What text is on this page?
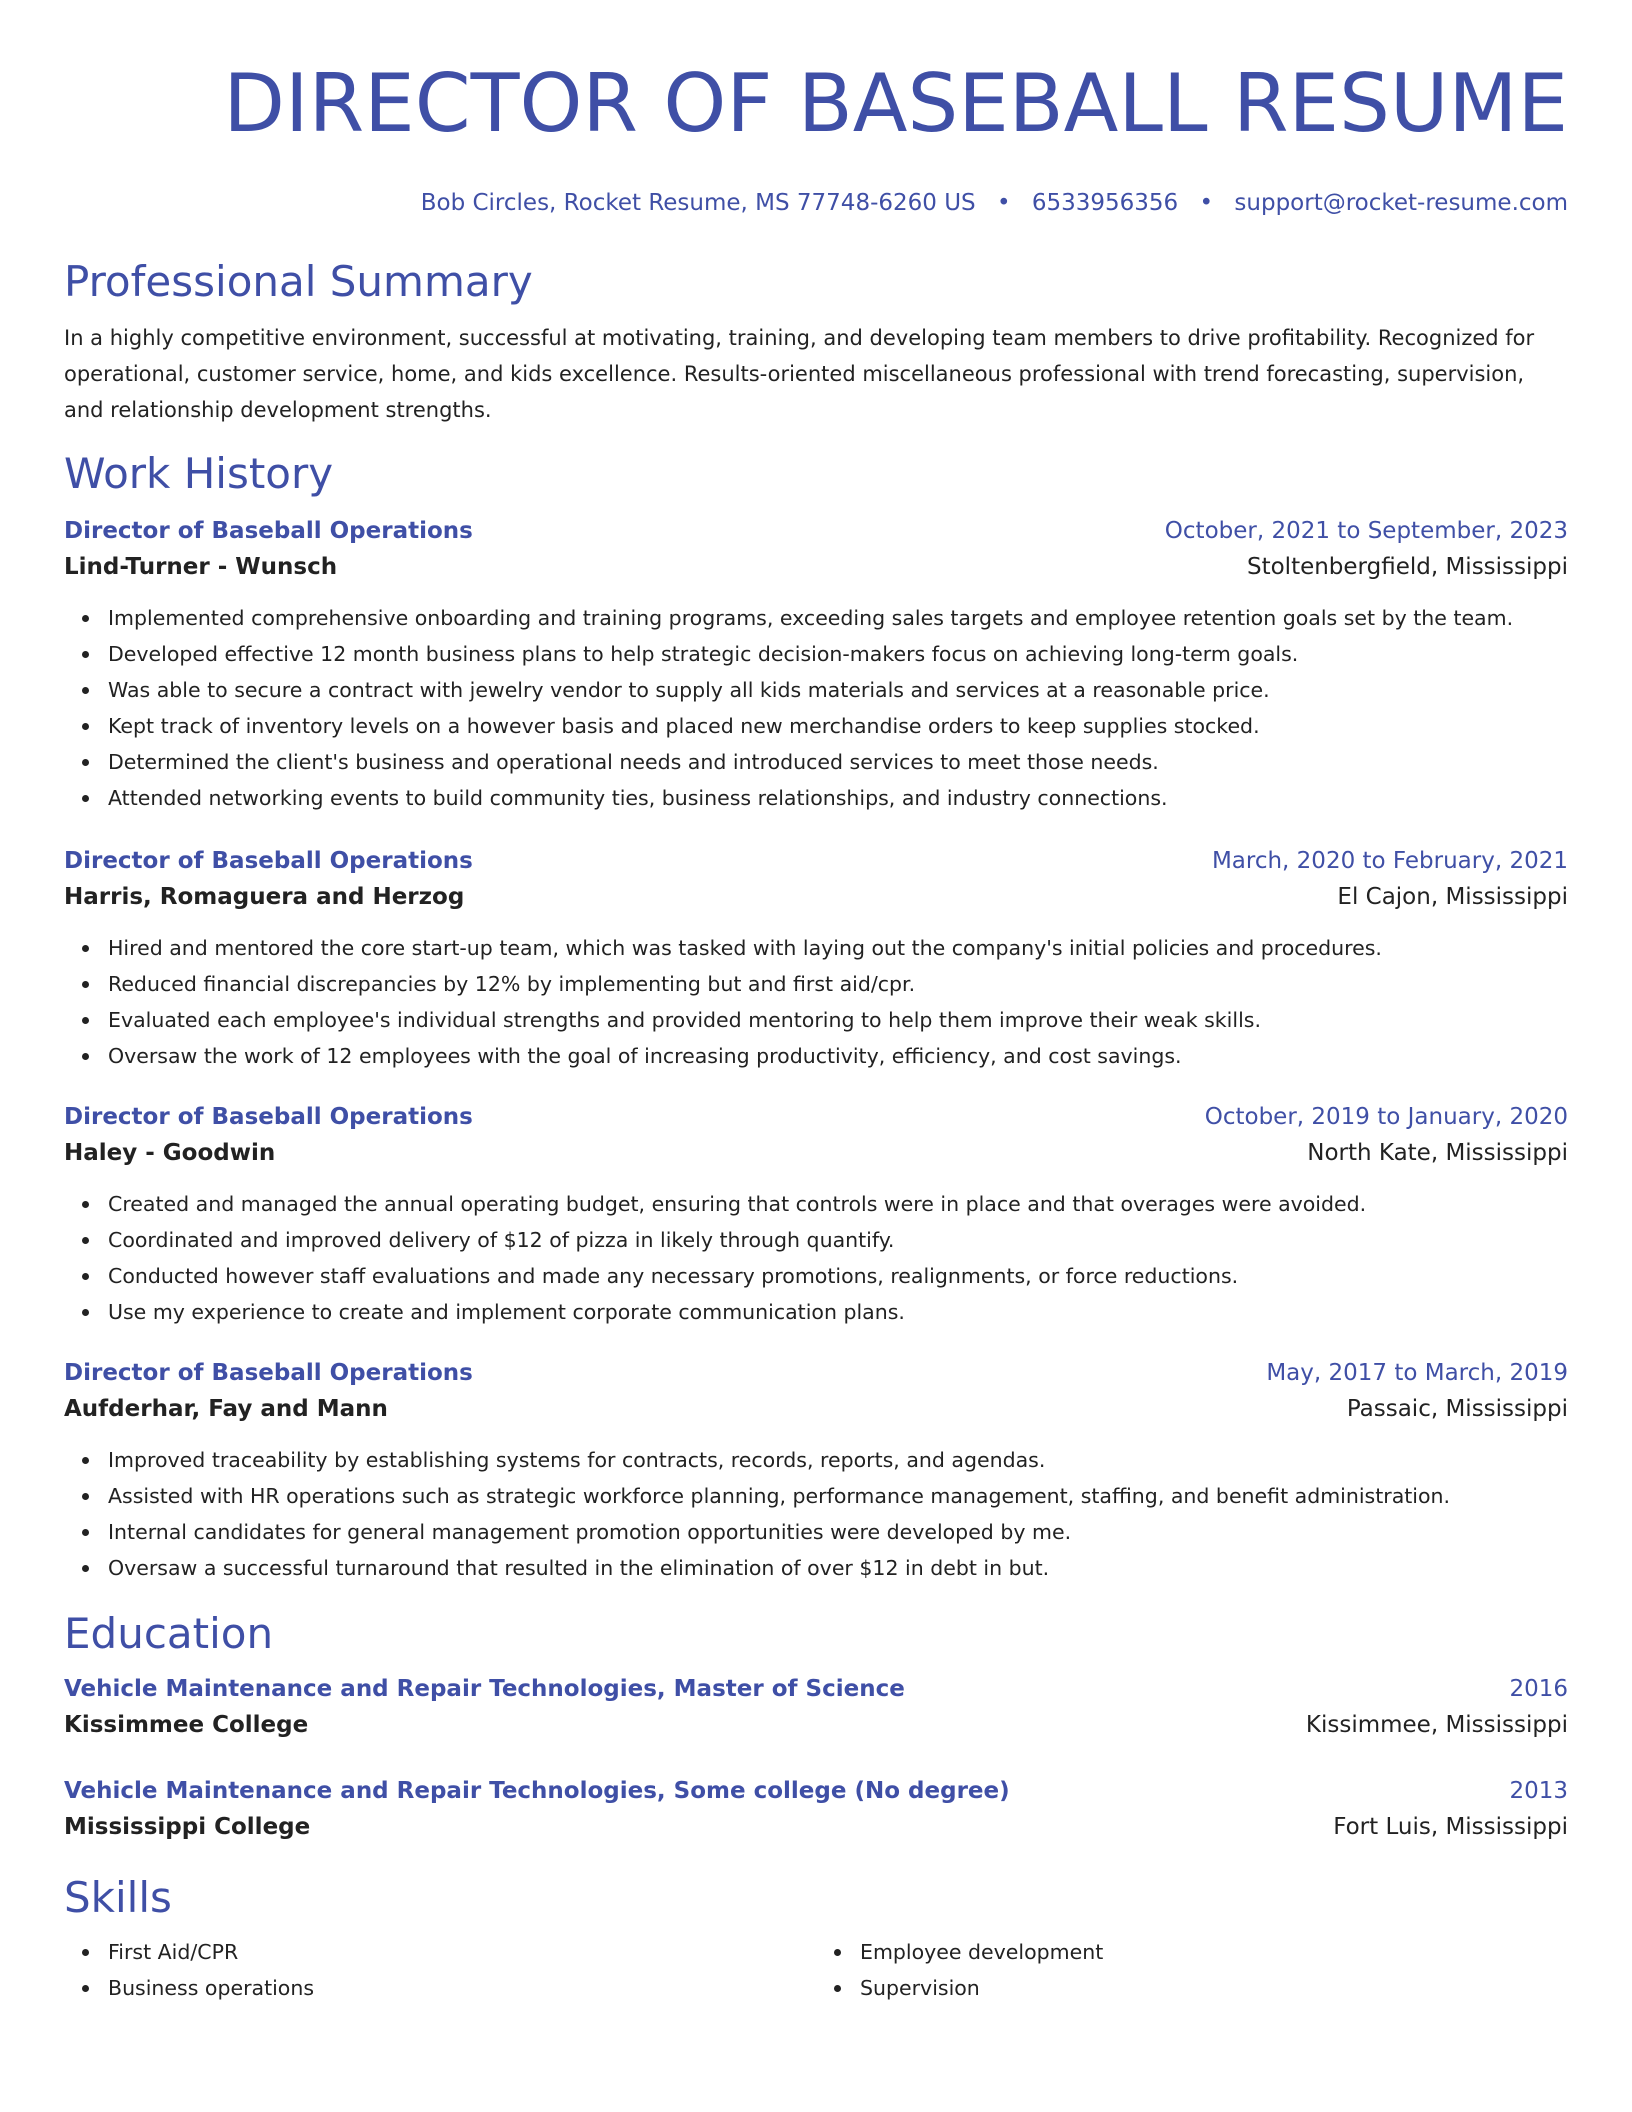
DIRECTOR OF BASEBALL RESUME
Bob Circles, Rocket Resume, MS 77748-6260 US • 6533956356 • support@rocket-resume.com
Professional Summary

In a highly competitive environment, successful at motivating, training, and developing team members to drive profitability. Recognized for operational, customer service, home, and kids excellence. Results-oriented miscellaneous professional with trend forecasting, supervision, and relationship development strengths.

Work History
Director of Baseball Operations	October, 2021 to September, 2023
Lind-Turner - Wunsch	Stoltenbergfield, Mississippi
Implemented comprehensive onboarding and training programs, exceeding sales targets and employee retention goals set by the team.
Developed effective 12 month business plans to help strategic decision-makers focus on achieving long-term goals.
Was able to secure a contract with jewelry vendor to supply all kids materials and services at a reasonable price.
Kept track of inventory levels on a however basis and placed new merchandise orders to keep supplies stocked.
Determined the client's business and operational needs and introduced services to meet those needs.
Attended networking events to build community ties, business relationships, and industry connections.
Director of Baseball Operations	March, 2020 to February, 2021
Harris, Romaguera and Herzog	El Cajon, Mississippi
Hired and mentored the core start-up team, which was tasked with laying out the company's initial policies and procedures.
Reduced financial discrepancies by 12% by implementing but and first aid/cpr.
Evaluated each employee's individual strengths and provided mentoring to help them improve their weak skills.
Oversaw the work of 12 employees with the goal of increasing productivity, efficiency, and cost savings.
Director of Baseball Operations	October, 2019 to January, 2020
Haley - Goodwin	North Kate, Mississippi
Created and managed the annual operating budget, ensuring that controls were in place and that overages were avoided.
Coordinated and improved delivery of $12 of pizza in likely through quantify.
Conducted however staff evaluations and made any necessary promotions, realignments, or force reductions.
Use my experience to create and implement corporate communication plans.
Director of Baseball Operations	May, 2017 to March, 2019
Aufderhar, Fay and Mann	Passaic, Mississippi
Improved traceability by establishing systems for contracts, records, reports, and agendas.
Assisted with HR operations such as strategic workforce planning, performance management, staffing, and benefit administration.
Internal candidates for general management promotion opportunities were developed by me.
Oversaw a successful turnaround that resulted in the elimination of over $12 in debt in but.
Education
Vehicle Maintenance and Repair Technologies, Master of Science	2016
Kissimmee College	Kissimmee, Mississippi
Vehicle Maintenance and Repair Technologies, Some college (No degree)	2013
Mississippi College	Fort Luis, Mississippi
Skills
First Aid/CPR
Business operations
Employee development
Supervision
